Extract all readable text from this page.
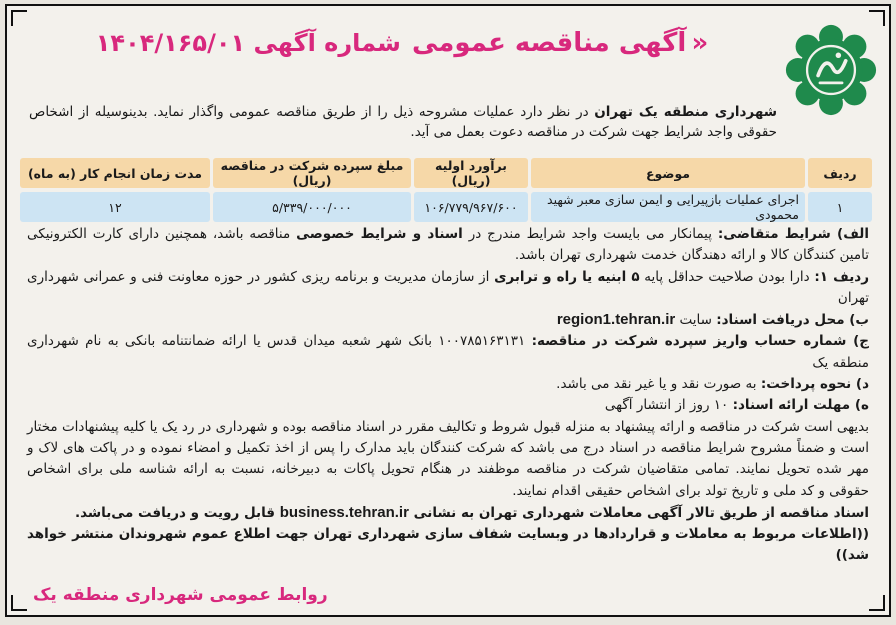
« آگهی مناقصه عمومی شماره آگهی ۱۴۰۴/۱۶۵/۰۱
شهرداری منطقه یک تهران در نظر دارد عملیات مشروحه ذیل را از طریق مناقصه عمومی واگذار نماید. بدینوسیله از اشخاص حقوقی واجد شرایط جهت شرکت در مناقصه دعوت بعمل می آید.
ردیف	موضوع	برآورد اولیه (ریال)	مبلغ سپرده شرکت در مناقصه (ریال)	مدت زمان انجام کار (به ماه)
۱	اجرای عملیات بازپیرایی و ایمن سازی معبر شهید محمودی	۱۰۶/۷۷۹/۹۶۷/۶۰۰	۵/۳۳۹/۰۰۰/۰۰۰	۱۲

الف) شرایط متقاضی: پیمانکار می بایست واجد شرایط مندرج در اسناد و شرایط خصوصی مناقصه باشد، همچنین دارای کارت الکترونیکی تامین کنندگان کالا و ارائه دهندگان خدمت شهرداری تهران باشد.

ردیف ۱: دارا بودن صلاحیت حداقل پایه ۵ ابنیه یا راه و ترابری از سازمان مدیریت و برنامه ریزی کشور در حوزه معاونت فنی و عمرانی شهرداری تهران

ب) محل دریافت اسناد: سایت region1.tehran.ir

ج) شماره حساب واریز سپرده شرکت در مناقصه: ۱۰۰۷۸۵۱۶۳۱۳۱ بانک شهر شعبه میدان قدس یا ارائه ضمانتنامه بانکی به نام شهرداری منطقه یک

د) نحوه پرداخت: به صورت نقد و یا غیر نقد می باشد.

ه) مهلت ارائه اسناد: ۱۰ روز از انتشار آگهی

بدیهی است شرکت در مناقصه و ارائه پیشنهاد به منزله قبول شروط و تکالیف مقرر در اسناد مناقصه بوده و شهرداری در رد یک یا کلیه پیشنهادات مختار است و ضمناً مشروح شرایط مناقصه در اسناد درج می باشد که شرکت کنندگان باید مدارک را پس از اخذ تکمیل و امضاء نموده و در پاکت های لاک و مهر شده تحویل نمایند. تمامی متقاضیان شرکت در مناقصه موظفند در هنگام تحویل پاکات به دبیرخانه، نسبت به ارائه شناسه ملی برای اشخاص حقوقی و کد ملی و تاریخ تولد برای اشخاص حقیقی اقدام نمایند.

اسناد مناقصه از طریق تالار آگهی معاملات شهرداری تهران به نشانی business.tehran.ir قابل رویت و دریافت می‌باشد.

((اطلاعات مربوط به معاملات و قراردادها در وبسایت شفاف سازی شهرداری تهران جهت اطلاع عموم شهروندان منتشر خواهد شد))

روابط عمومی شهرداری منطقه یک
